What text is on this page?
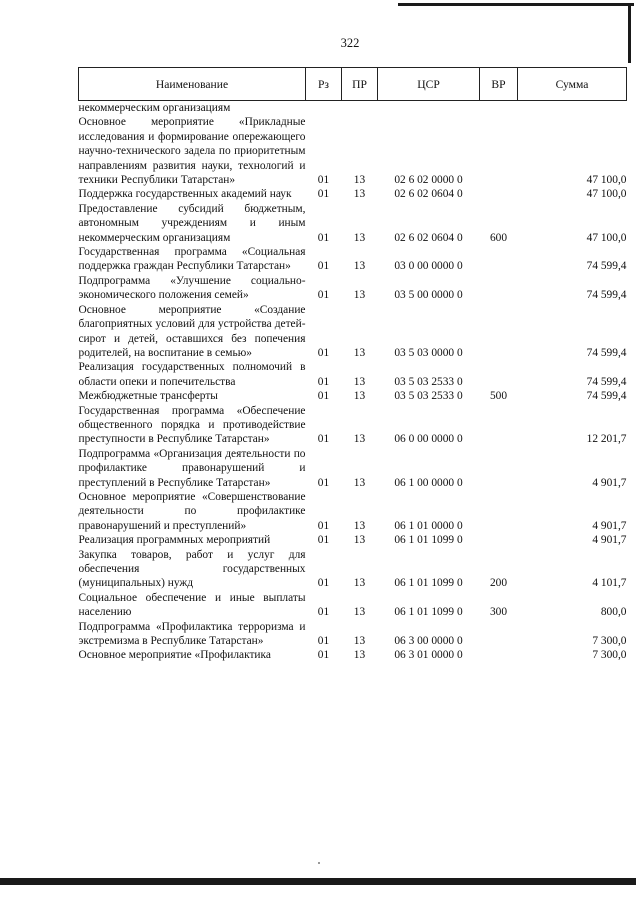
322
Наименование	Рз	ПР	ЦСР	ВР	Сумма
некоммерческим организациям					
Основное мероприятие «Прикладные исследования и формирование опережающего научно-технического задела по приоритетным направлениям развития науки, технологий и техники Республики Татарстан»	01	13	02 6 02 0000 0		47 100,0
Поддержка государственных академий наук	01	13	02 6 02 0604 0		47 100,0
Предоставление субсидий бюджетным, автономным учреждениям и иным некоммерческим организациям	01	13	02 6 02 0604 0	600	47 100,0
Государственная программа «Социальная поддержка граждан Республики Татарстан»	01	13	03 0 00 0000 0		74 599,4
Подпрограмма «Улучшение социально-экономического положения семей»	01	13	03 5 00 0000 0		74 599,4
Основное мероприятие «Создание благоприятных условий для устройства детей-сирот и детей, оставшихся без попечения родителей, на воспитание в семью»	01	13	03 5 03 0000 0		74 599,4
Реализация государственных полномочий в области опеки и попечительства	01	13	03 5 03 2533 0		74 599,4
Межбюджетные трансферты	01	13	03 5 03 2533 0	500	74 599,4
Государственная программа «Обеспечение общественного порядка и противодействие преступности в Республике Татарстан»	01	13	06 0 00 0000 0		12 201,7
Подпрограмма «Организация деятельности по профилактике правонарушений и преступлений в Республике Татарстан»	01	13	06 1 00 0000 0		4 901,7
Основное мероприятие «Совершенствование деятельности по профилактике правонарушений и преступлений»	01	13	06 1 01 0000 0		4 901,7
Реализация программных мероприятий	01	13	06 1 01 1099 0		4 901,7
Закупка товаров, работ и услуг для обеспечения государственных (муниципальных) нужд	01	13	06 1 01 1099 0	200	4 101,7
Социальное обеспечение и иные выплаты населению	01	13	06 1 01 1099 0	300	800,0
Подпрограмма «Профилактика терроризма и экстремизма в Республике Татарстан»	01	13	06 3 00 0000 0		7 300,0
Основное мероприятие «Профилактика	01	13	06 3 01 0000 0		7 300,0
